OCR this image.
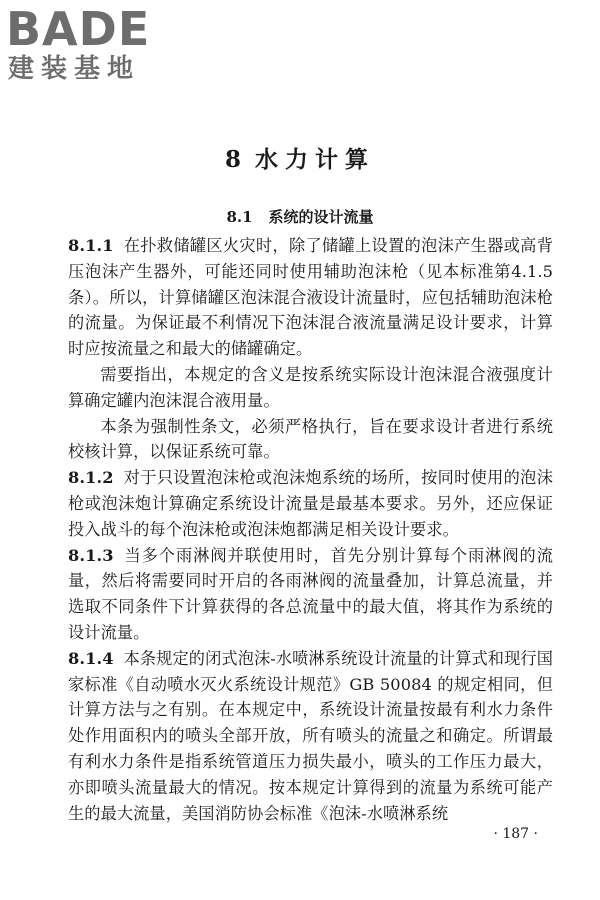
BADE

建装基地

8 水力计算
8.1 系统的设计流量

8.1.1 在扑救储罐区火灾时，除了储罐上设置的泡沫产生器或高背压泡沫产生器外，可能还同时使用辅助泡沫枪（见本标准第4.1.5条）。所以，计算储罐区泡沫混合液设计流量时，应包括辅助泡沫枪的流量。为保证最不利情况下泡沫混合液流量满足设计要求，计算时应按流量之和最大的储罐确定。

需要指出，本规定的含义是按系统实际设计泡沫混合液强度计算确定罐内泡沫混合液用量。

本条为强制性条文，必须严格执行，旨在要求设计者进行系统校核计算，以保证系统可靠。

8.1.2 对于只设置泡沫枪或泡沫炮系统的场所，按同时使用的泡沫枪或泡沫炮计算确定系统设计流量是最基本要求。另外，还应保证投入战斗的每个泡沫枪或泡沫炮都满足相关设计要求。

8.1.3 当多个雨淋阀并联使用时，首先分别计算每个雨淋阀的流量，然后将需要同时开启的各雨淋阀的流量叠加，计算总流量，并选取不同条件下计算获得的各总流量中的最大值，将其作为系统的设计流量。

8.1.4 本条规定的闭式泡沫-水喷淋系统设计流量的计算式和现行国家标准《自动喷水灭火系统设计规范》GB 50084 的规定相同，但计算方法与之有别。在本规定中，系统设计流量按最有利水力条件处作用面积内的喷头全部开放，所有喷头的流量之和确定。所谓最有利水力条件是指系统管道压力损失最小，喷头的工作压力最大，亦即喷头流量最大的情况。按本规定计算得到的流量为系统可能产生的最大流量，美国消防协会标准《泡沫-水喷淋系统

· 187 ·
